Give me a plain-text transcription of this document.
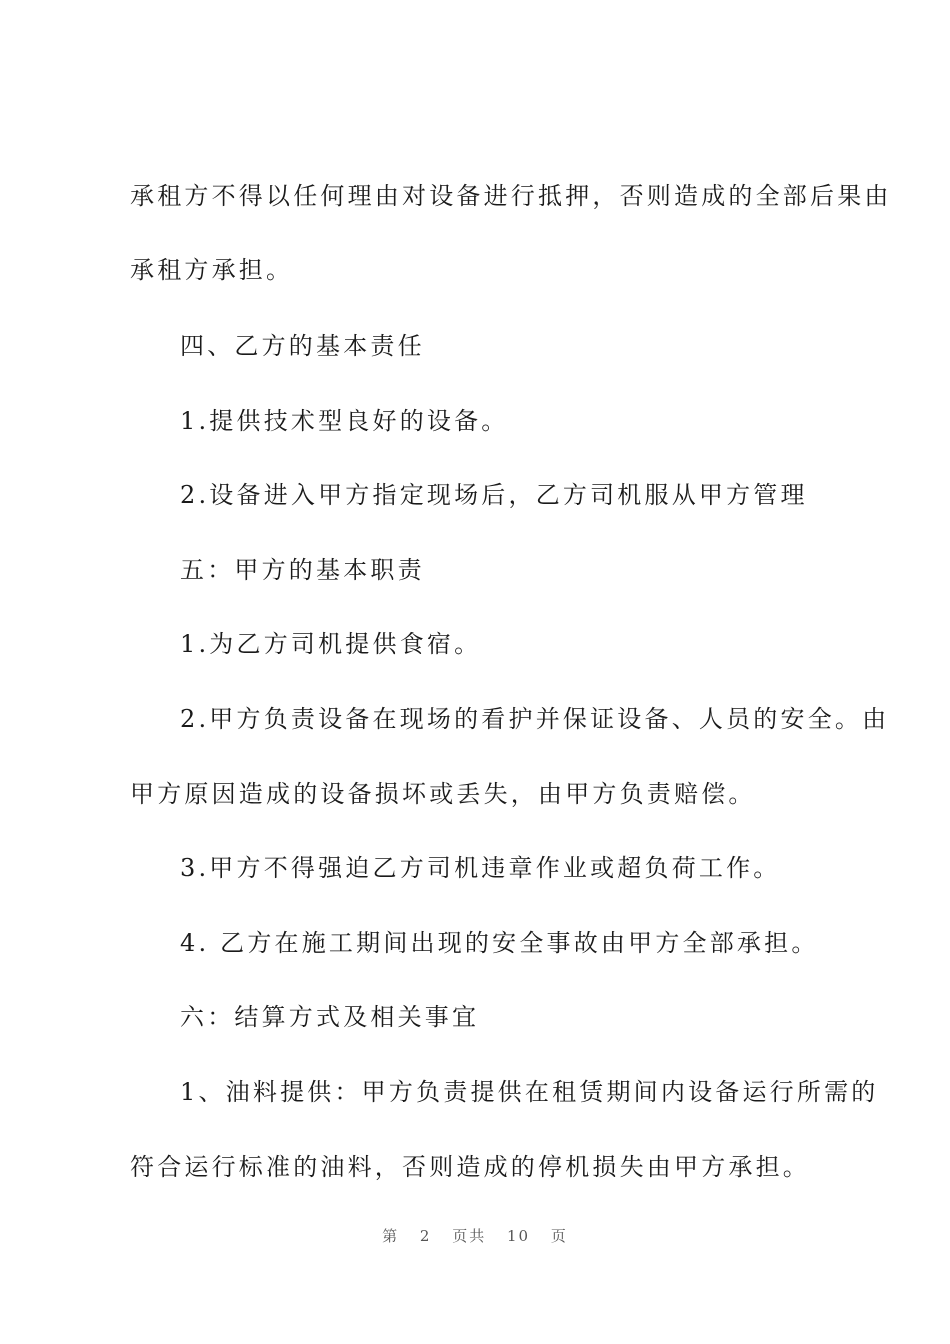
承租方不得以任何理由对设备进行抵押，否则造成的全部后果由
承租方承担。
四、乙方的基本责任
1.提供技术型良好的设备。
2.设备进入甲方指定现场后，乙方司机服从甲方管理
五：甲方的基本职责
1.为乙方司机提供食宿。
2.甲方负责设备在现场的看护并保证设备、人员的安全。由
甲方原因造成的设备损坏或丢失，由甲方负责赔偿。
3.甲方不得强迫乙方司机违章作业或超负荷工作。
4. 乙方在施工期间出现的安全事故由甲方全部承担。
六：结算方式及相关事宜
1、油料提供：甲方负责提供在租赁期间内设备运行所需的
符合运行标准的油料，否则造成的停机损失由甲方承担。
第 2 页共 10 页
